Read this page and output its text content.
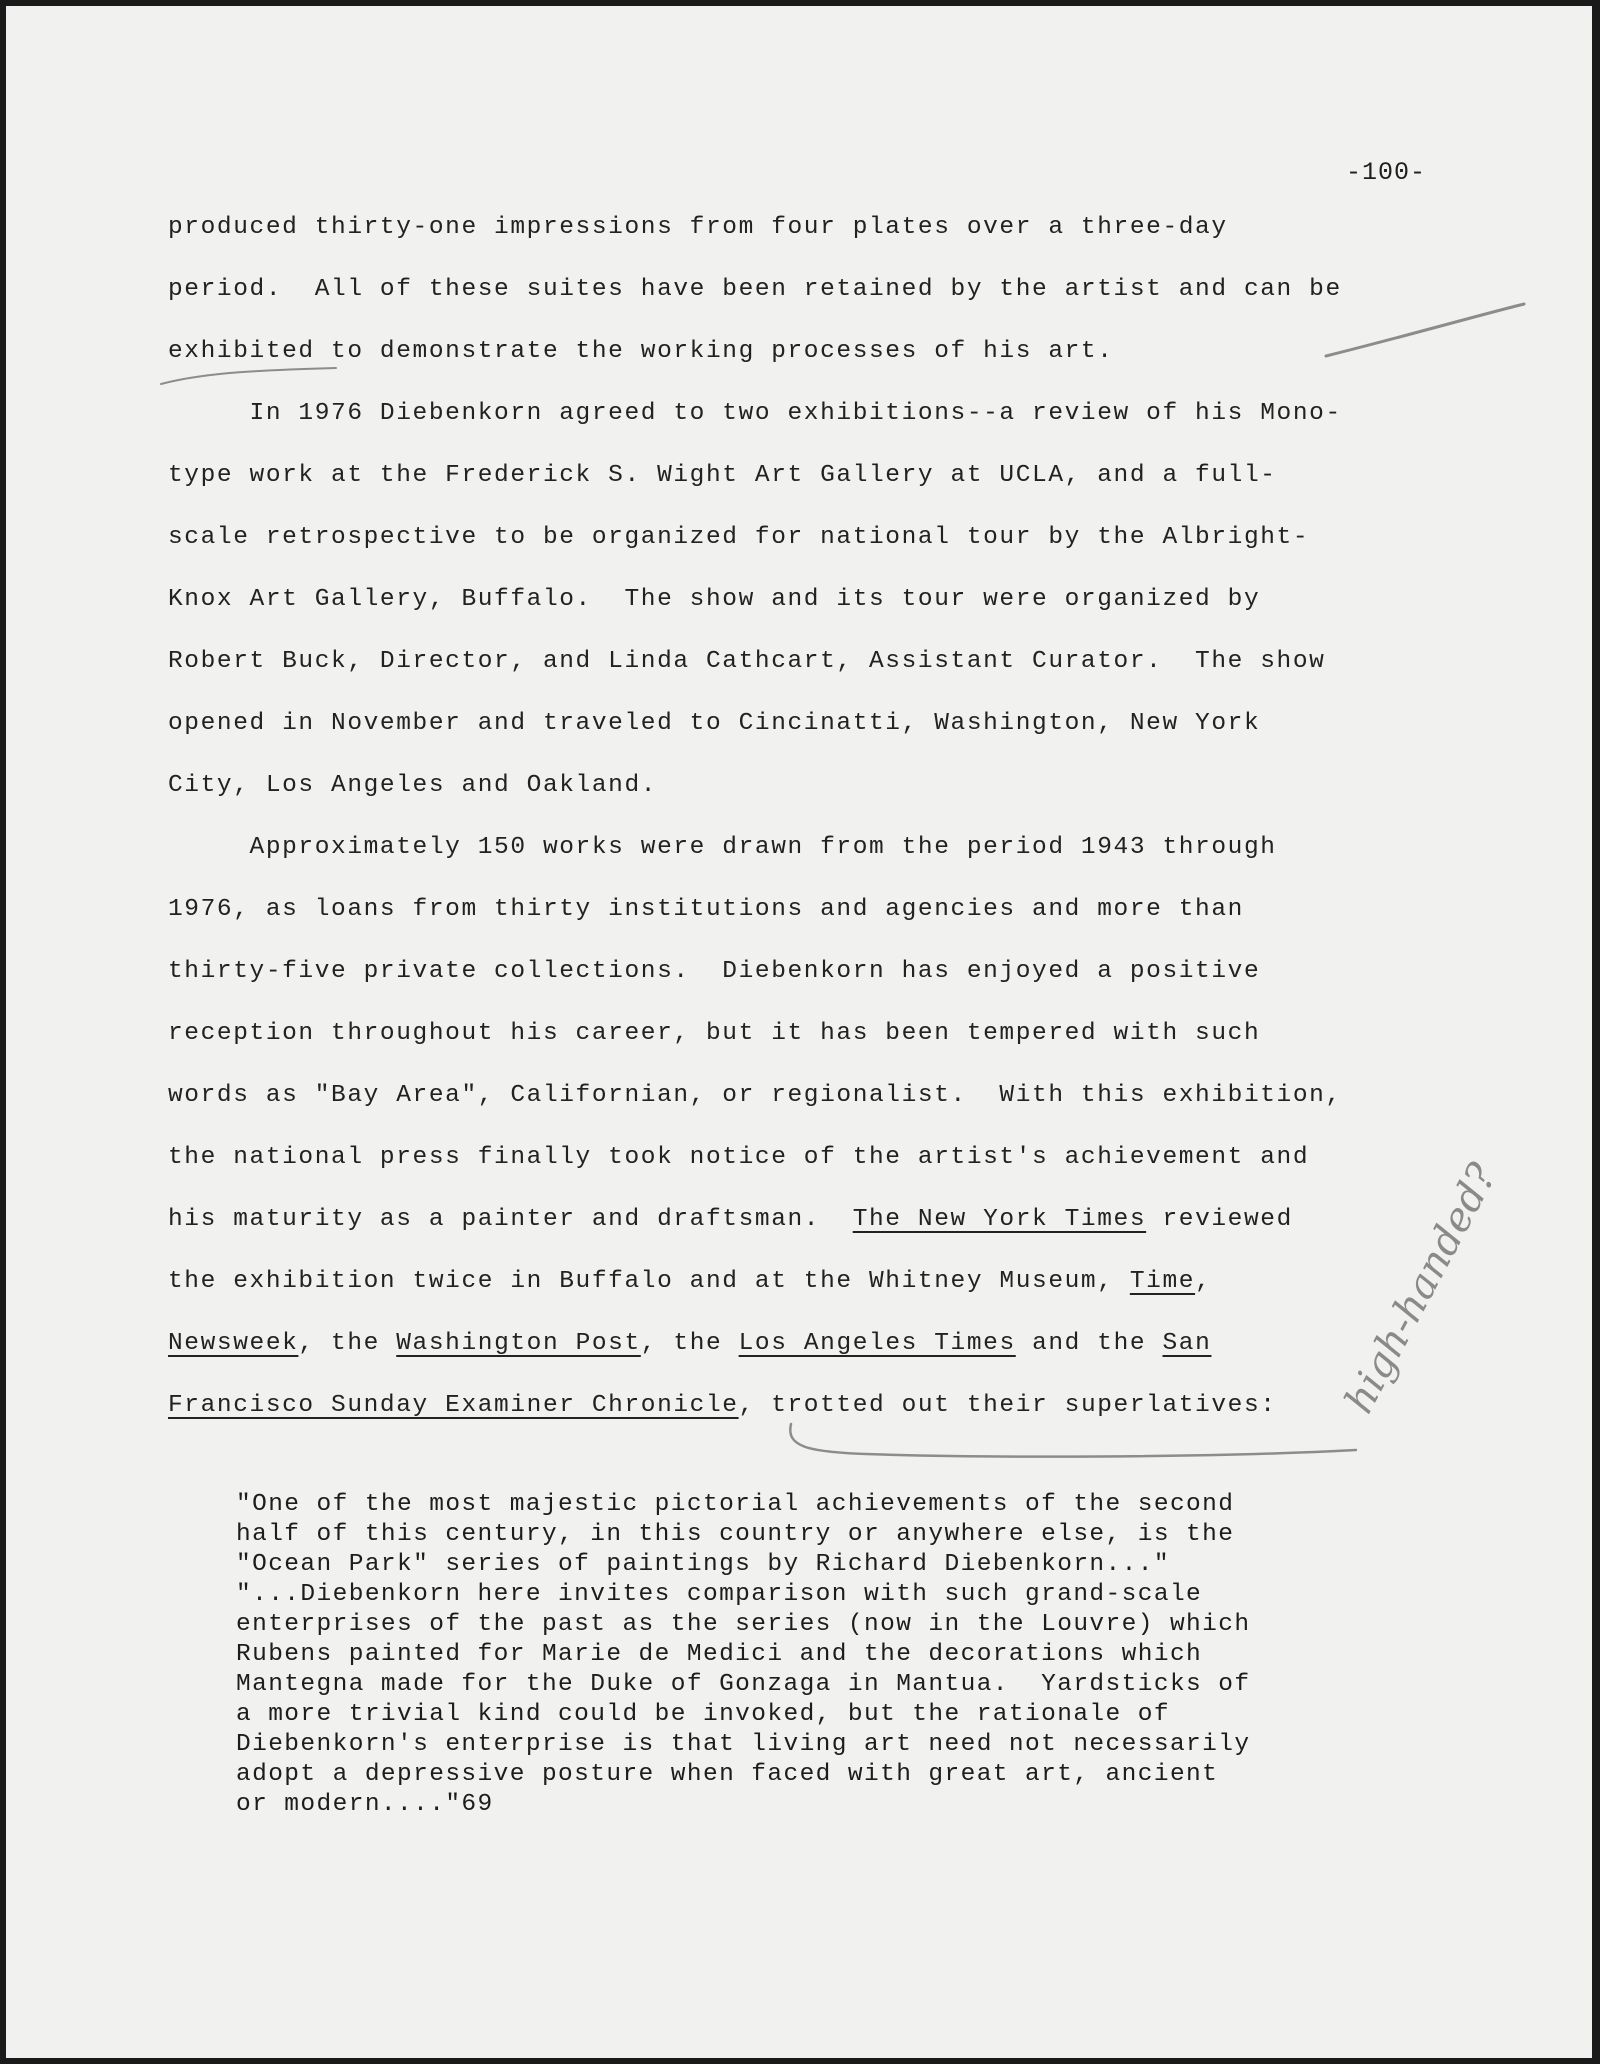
-100-
produced thirty-one impressions from four plates over a three-day
period.  All of these suites have been retained by the artist and can be
exhibited to demonstrate the working processes of his art.
In 1976 Diebenkorn agreed to two exhibitions--a review of his Mono-
type work at the Frederick S. Wight Art Gallery at UCLA, and a full-
scale retrospective to be organized for national tour by the Albright-
Knox Art Gallery, Buffalo.  The show and its tour were organized by
Robert Buck, Director, and Linda Cathcart, Assistant Curator.  The show
opened in November and traveled to Cincinatti, Washington, New York
City, Los Angeles and Oakland.
Approximately 150 works were drawn from the period 1943 through
1976, as loans from thirty institutions and agencies and more than
thirty-five private collections.  Diebenkorn has enjoyed a positive
reception throughout his career, but it has been tempered with such
words as "Bay Area", Californian, or regionalist.  With this exhibition,
the national press finally took notice of the artist's achievement and
his maturity as a painter and draftsman.  The New York Times reviewed
the exhibition twice in Buffalo and at the Whitney Museum, Time,
Newsweek, the Washington Post, the Los Angeles Times and the San
Francisco Sunday Examiner Chronicle, trotted out their superlatives:
"One of the most majestic pictorial achievements of the second
half of this century, in this country or anywhere else, is the
"Ocean Park" series of paintings by Richard Diebenkorn..."
"...Diebenkorn here invites comparison with such grand-scale
enterprises of the past as the series (now in the Louvre) which
Rubens painted for Marie de Medici and the decorations which
Mantegna made for the Duke of Gonzaga in Mantua.  Yardsticks of
a more trivial kind could be invoked, but the rationale of
Diebenkorn's enterprise is that living art need not necessarily
adopt a depressive posture when faced with great art, ancient
or modern...."69
high-handed?
